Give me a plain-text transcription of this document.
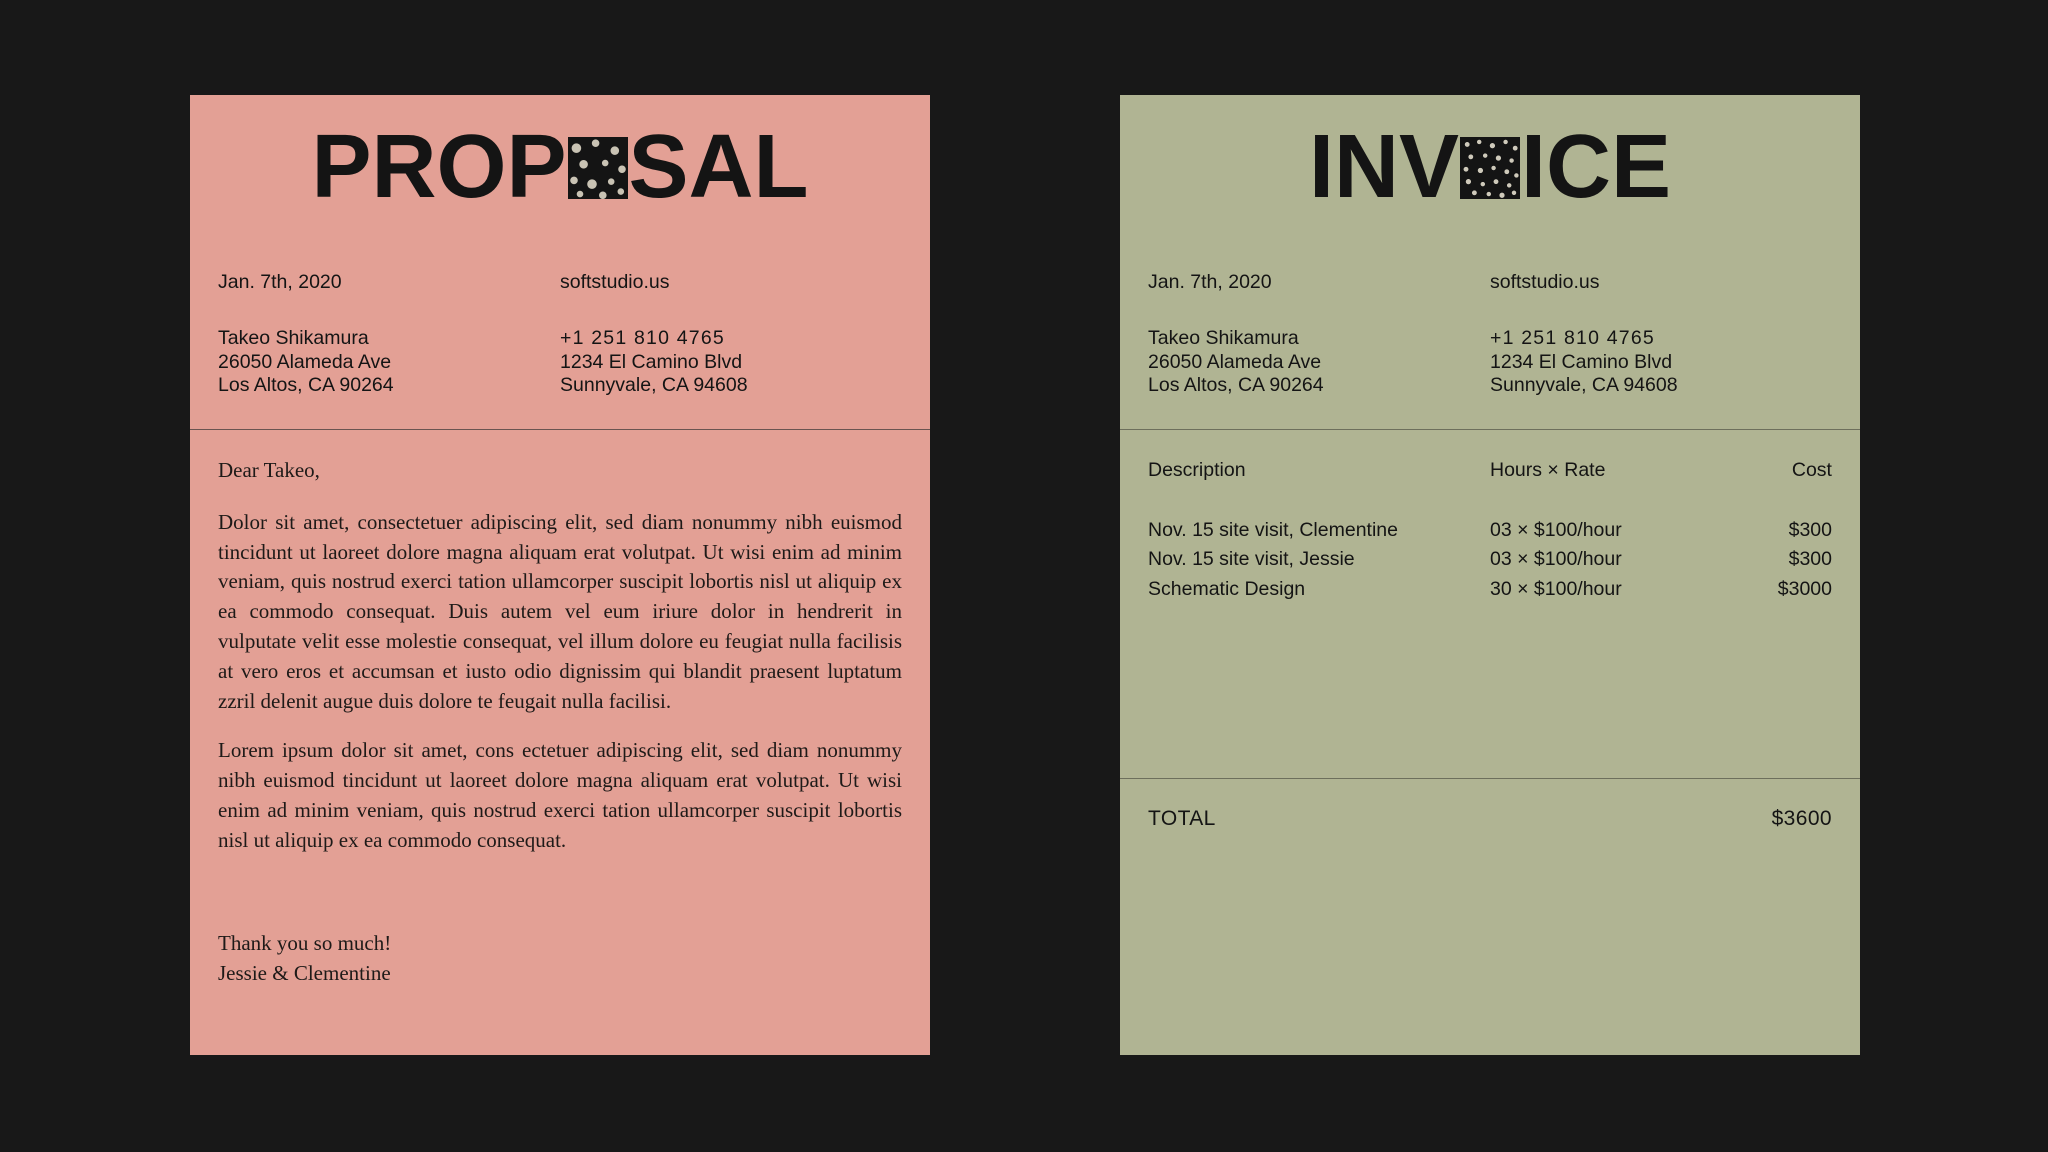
PROP SAL
Jan. 7th, 2020
Takeo Shikamura
26050 Alameda Ave
Los Altos, CA 90264
softstudio.us
+1 251 810 4765
1234 El Camino Blvd
Sunnyvale, CA 94608

Dear Takeo,

Dolor sit amet, consectetuer adipiscing elit, sed diam nonummy nibh euismod tincidunt ut laoreet dolore magna aliquam erat volutpat. Ut wisi enim ad minim veniam, quis nostrud exerci tation ullamcorper suscipit lobortis nisl ut aliquip ex ea commodo consequat. Duis autem vel eum iriure dolor in hendrerit in vulputate velit esse molestie consequat, vel illum dolore eu feugiat nulla facilisis at vero eros et accumsan et iusto odio dignissim qui blandit praesent luptatum zzril delenit augue duis dolore te feugait nulla facilisi.

Lorem ipsum dolor sit amet, cons ectetuer adipiscing elit, sed diam nonummy nibh euismod tincidunt ut laoreet dolore magna aliquam erat volutpat. Ut wisi enim ad minim veniam, quis nostrud exerci tation ullamcorper suscipit lobortis nisl ut aliquip ex ea commodo consequat.

Thank you so much!
Jessie & Clementine
INV ICE
Jan. 7th, 2020
Takeo Shikamura
26050 Alameda Ave
Los Altos, CA 90264
softstudio.us
+1 251 810 4765
1234 El Camino Blvd
Sunnyvale, CA 94608
Description	Hours × Rate	Cost
Nov. 15 site visit, Clementine	03 × $100/hour	$300
Nov. 15 site visit, Jessie	03 × $100/hour	$300
Schematic Design	30 × $100/hour	$3000
TOTAL	$3600
